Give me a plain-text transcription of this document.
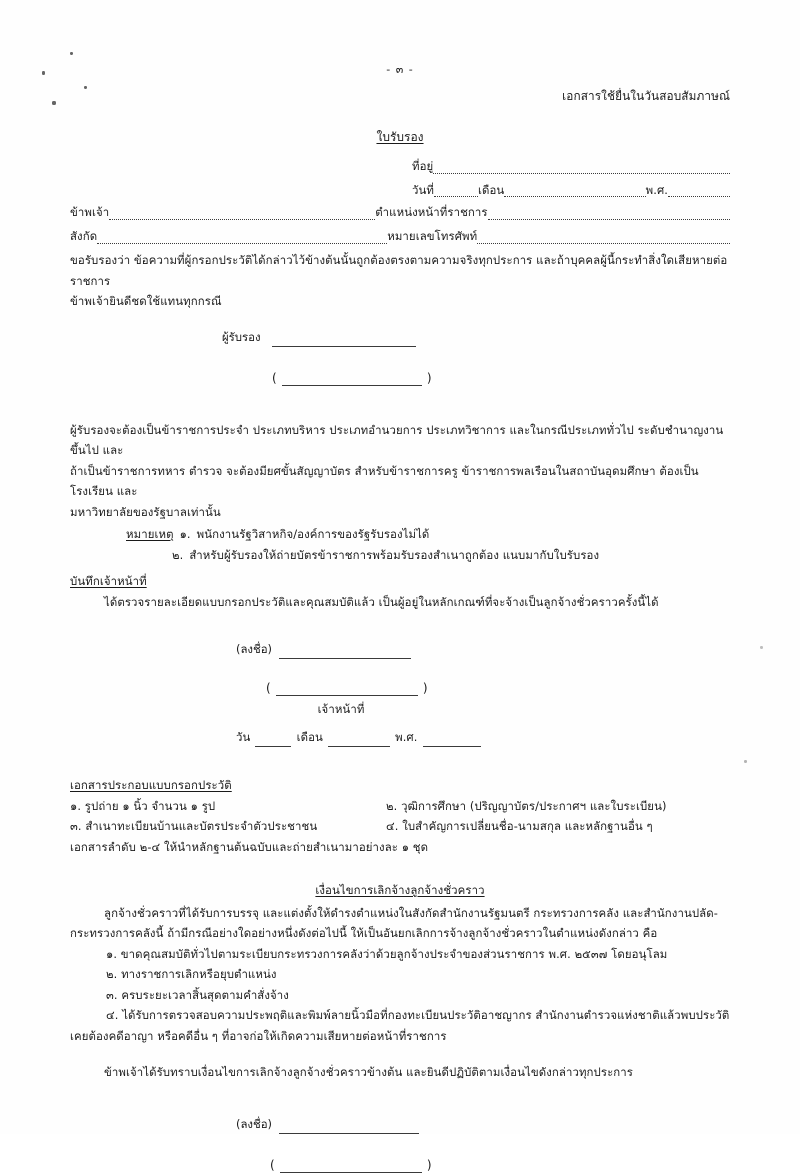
- ๓ -
เอกสารใช้ยื่นในวันสอบสัมภาษณ์
ใบรับรอง
ที่อยู่
วันที่	เดือน	พ.ศ.
ข้าพเจ้า	ตำแหน่งหน้าที่ราชการ
สังกัด	หมายเลขโทรศัพท์
ขอรับรองว่า ข้อความที่ผู้กรอกประวัติได้กล่าวไว้ข้างต้นนั้นถูกต้องตรงตามความจริงทุกประการ และถ้าบุคคลผู้นี้กระทำสิ่งใดเสียหายต่อราชการ
ข้าพเจ้ายินดีชดใช้แทนทุกกรณี
ผู้รับรอง
(	)
ผู้รับรองจะต้องเป็นข้าราชการประจำ ประเภทบริหาร ประเภทอำนวยการ ประเภทวิชาการ และในกรณีประเภททั่วไป ระดับชำนาญงานขึ้นไป และ
ถ้าเป็นข้าราชการทหาร ตำรวจ จะต้องมียศขั้นสัญญาบัตร สำหรับข้าราชการครู ข้าราชการพลเรือนในสถาบันอุดมศึกษา ต้องเป็นโรงเรียน และ
มหาวิทยาลัยของรัฐบาลเท่านั้น
หมายเหตุ ๑. พนักงานรัฐวิสาหกิจ/องค์การของรัฐรับรองไม่ได้
๒. สำหรับผู้รับรองให้ถ่ายบัตรข้าราชการพร้อมรับรองสำเนาถูกต้อง แนบมากับใบรับรอง
บันทึกเจ้าหน้าที่
ได้ตรวจรายละเอียดแบบกรอกประวัติและคุณสมบัติแล้ว เป็นผู้อยู่ในหลักเกณฑ์ที่จะจ้างเป็นลูกจ้างชั่วคราวครั้งนี้ได้
(ลงชื่อ)
(	)
เจ้าหน้าที่
วัน	เดือน	พ.ศ.
เอกสารประกอบแบบกรอกประวัติ
๑. รูปถ่าย ๑ นิ้ว จำนวน ๑ รูป	๒. วุฒิการศึกษา (ปริญญาบัตร/ประกาศฯ และใบระเบียน)
๓. สำเนาทะเบียนบ้านและบัตรประจำตัวประชาชน	๔. ใบสำคัญการเปลี่ยนชื่อ-นามสกุล และหลักฐานอื่น ๆ
เอกสารลำดับ ๒-๔ ให้นำหลักฐานต้นฉบับและถ่ายสำเนามาอย่างละ ๑ ชุด
เงื่อนไขการเลิกจ้างลูกจ้างชั่วคราว
ลูกจ้างชั่วคราวที่ได้รับการบรรจุ และแต่งตั้งให้ดำรงตำแหน่งในสังกัดสำนักงานรัฐมนตรี กระทรวงการคลัง และสำนักงานปลัด-
กระทรวงการคลังนี้ ถ้ามีกรณีอย่างใดอย่างหนึ่งดังต่อไปนี้ ให้เป็นอันยกเลิกการจ้างลูกจ้างชั่วคราวในตำแหน่งดังกล่าว คือ
๑. ขาดคุณสมบัติทั่วไปตามระเบียบกระทรวงการคลังว่าด้วยลูกจ้างประจำของส่วนราชการ พ.ศ. ๒๕๓๗ โดยอนุโลม
๒. ทางราชการเลิกหรือยุบตำแหน่ง
๓. ครบระยะเวลาสิ้นสุดตามคำสั่งจ้าง
๔. ได้รับการตรวจสอบความประพฤติและพิมพ์ลายนิ้วมือที่กองทะเบียนประวัติอาชญากร สำนักงานตำรวจแห่งชาติแล้วพบประวัติ
เคยต้องคดีอาญา หรือคดีอื่น ๆ ที่อาจก่อให้เกิดความเสียหายต่อหน้าที่ราชการ
ข้าพเจ้าได้รับทราบเงื่อนไขการเลิกจ้างลูกจ้างชั่วคราวข้างต้น และยินดีปฏิบัติตามเงื่อนไขดังกล่าวทุกประการ
(ลงชื่อ)
(	)
